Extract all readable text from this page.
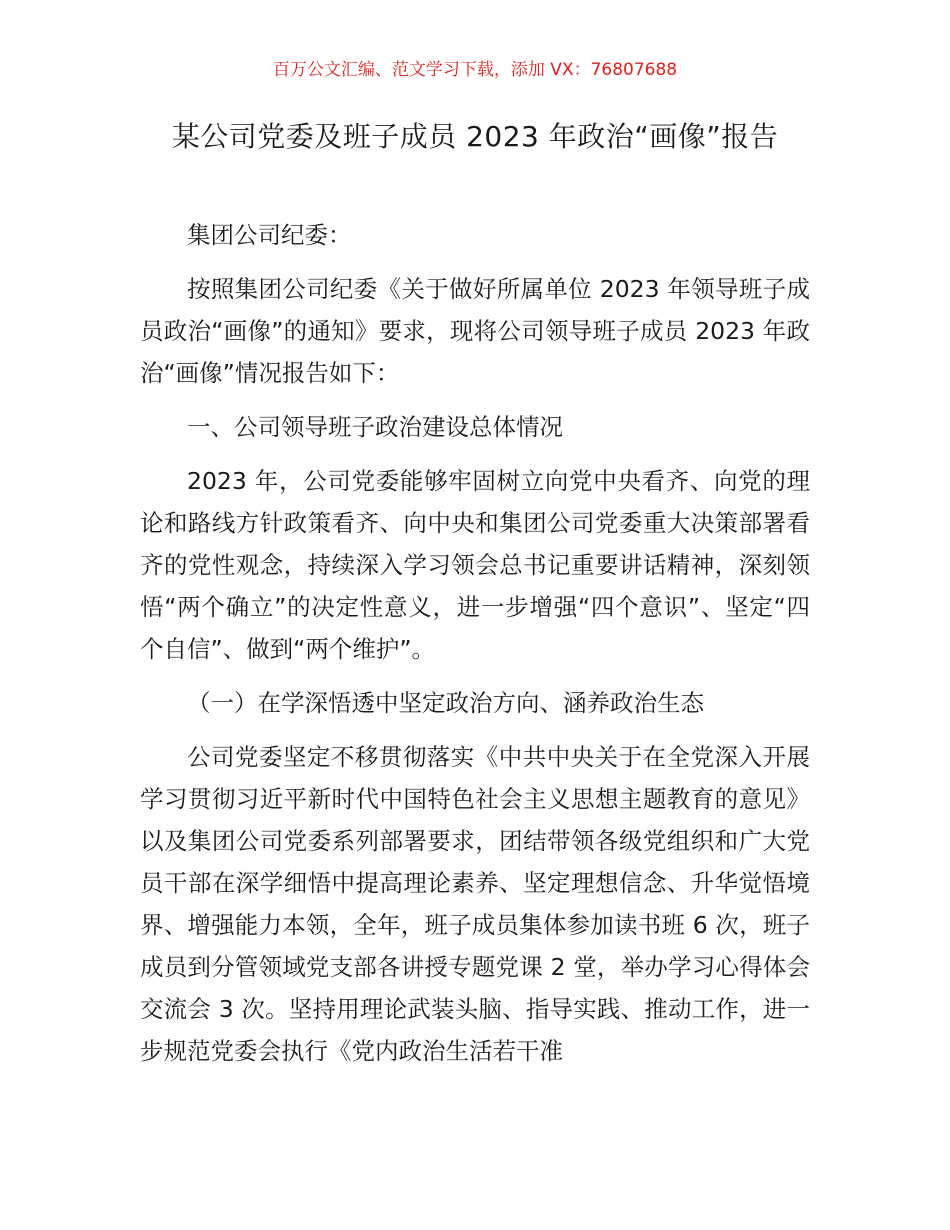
百万公文汇编、范文学习下载，添加 VX：76807688
某公司党委及班子成员 2023 年政治“画像”报告

集团公司纪委：

按照集团公司纪委《关于做好所属单位 2023 年领导班子成员政治“画像”的通知》要求，现将公司领导班子成员 2023 年政治“画像”情况报告如下：

一、公司领导班子政治建设总体情况

2023 年，公司党委能够牢固树立向党中央看齐、向党的理论和路线方针政策看齐、向中央和集团公司党委重大决策部署看齐的党性观念，持续深入学习领会总书记重要讲话精神，深刻领悟“两个确立”的决定性意义，进一步增强“四个意识”、坚定“四个自信”、做到“两个维护”。

（一）在学深悟透中坚定政治方向、涵养政治生态

公司党委坚定不移贯彻落实《中共中央关于在全党深入开展学习贯彻习近平新时代中国特色社会主义思想主题教育的意见》以及集团公司党委系列部署要求，团结带领各级党组织和广大党员干部在深学细悟中提高理论素养、坚定理想信念、升华觉悟境界、增强能力本领，全年，班子成员集体参加读书班 6 次，班子成员到分管领域党支部各讲授专题党课 2 堂，举办学习心得体会交流会 3 次。坚持用理论武装头脑、指导实践、推动工作，进一步规范党委会执行《党内政治生活若干准
